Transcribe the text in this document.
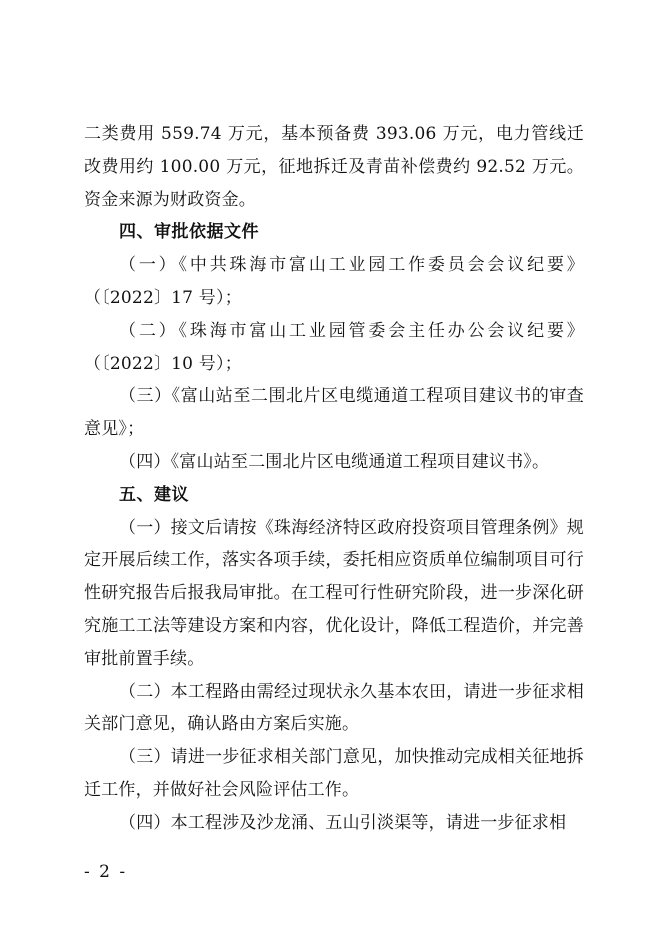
二类费用 559.74 万元，基本预备费 393.06 万元，电力管线迁改费用约 100.00 万元，征地拆迁及青苗补偿费约 92.52 万元。资金来源为财政资金。

四、审批依据文件

（一）《中共珠海市富山工业园工作委员会会议纪要》（〔2022〕17 号）；

（二）《珠海市富山工业园管委会主任办公会议纪要》（〔2022〕10 号）；

（三）《富山站至二围北片区电缆通道工程项目建议书的审查意见》；

（四）《富山站至二围北片区电缆通道工程项目建议书》。

五、建议

（一）接文后请按《珠海经济特区政府投资项目管理条例》规定开展后续工作，落实各项手续，委托相应资质单位编制项目可行性研究报告后报我局审批。在工程可行性研究阶段，进一步深化研究施工工法等建设方案和内容，优化设计，降低工程造价，并完善审批前置手续。

（二）本工程路由需经过现状永久基本农田，请进一步征求相关部门意见，确认路由方案后实施。

（三）请进一步征求相关部门意见，加快推动完成相关征地拆迁工作，并做好社会风险评估工作。

（四）本工程涉及沙龙涌、五山引淡渠等，请进一步征求相

- 2 -
